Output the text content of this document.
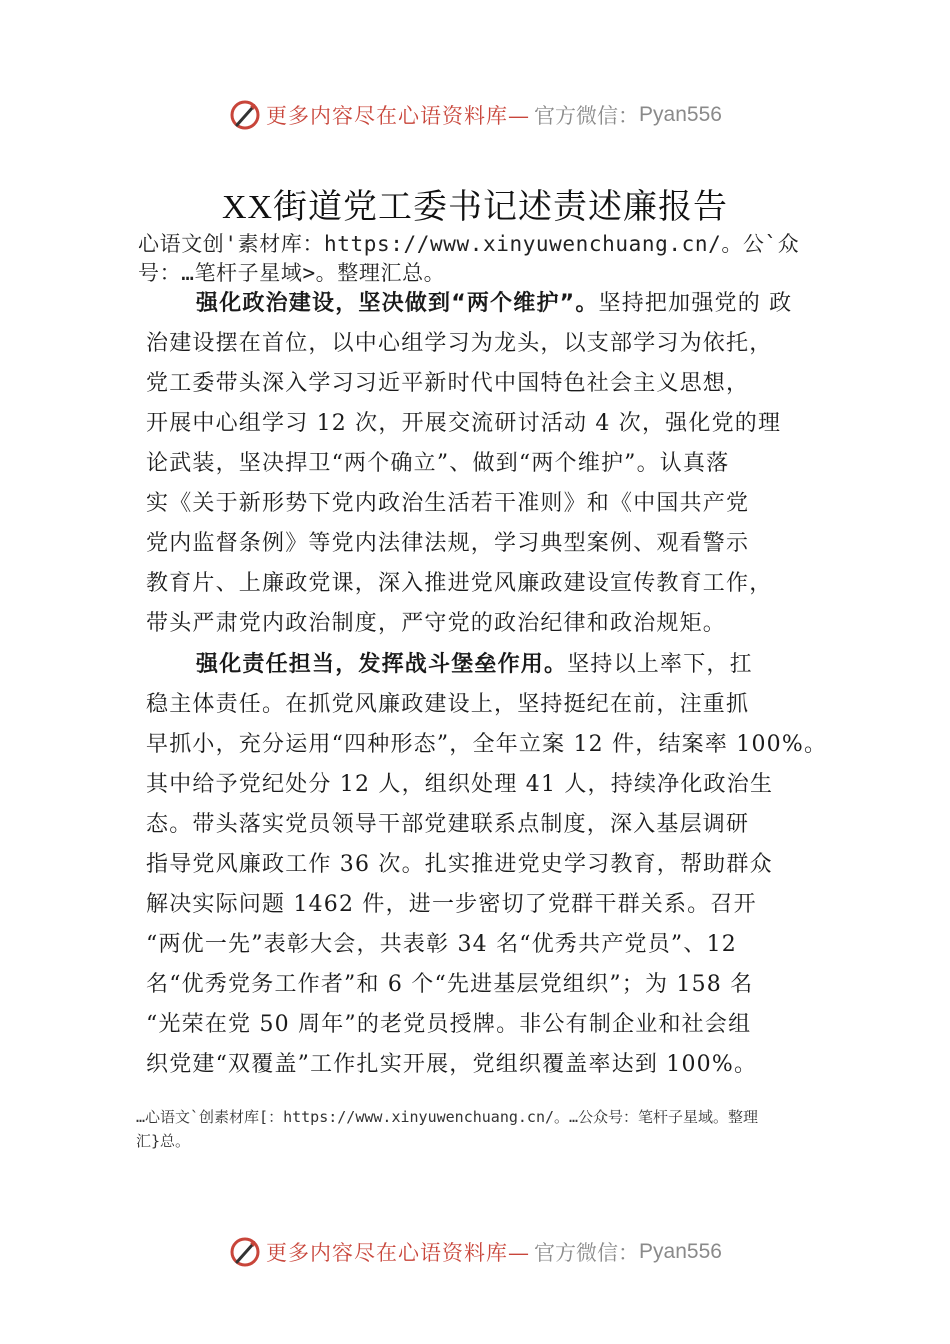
更多内容尽在心语资料库— 官方微信： Pyan556
XX街道党工委书记述责述廉报告
心语文创'素材库：https://www.xinyuwenchuang.cn/。公`众
号：…笔杆子星域>。整理汇总。
强化政治建设，坚决做到“两个维护”。坚持把加强党的 政
治建设摆在首位，以中心组学习为龙头，以支部学习为依托，
党工委带头深入学习习近平新时代中国特色社会主义思想，
开展中心组学习 12 次，开展交流研讨活动 4 次，强化党的理
论武装，坚决捍卫“两个确立”、做到“两个维护”。认真落
实《关于新形势下党内政治生活若干准则》和《中国共产党
党内监督条例》等党内法律法规，学习典型案例、观看警示
教育片、上廉政党课，深入推进党风廉政建设宣传教育工作，
带头严肃党内政治制度，严守党的政治纪律和政治规矩。
强化责任担当，发挥战斗堡垒作用。坚持以上率下，扛
稳主体责任。在抓党风廉政建设上，坚持挺纪在前，注重抓
早抓小，充分运用“四种形态”，全年立案 12 件，结案率 100%。
其中给予党纪处分 12 人，组织处理 41 人，持续净化政治生
态。带头落实党员领导干部党建联系点制度，深入基层调研
指导党风廉政工作 36 次。扎实推进党史学习教育，帮助群众
解决实际问题 1462 件，进一步密切了党群干群关系。召开
“两优一先”表彰大会，共表彰 34 名“优秀共产党员”、12
名“优秀党务工作者”和 6 个“先进基层党组织”；为 158 名
“光荣在党 50 周年”的老党员授牌。非公有制企业和社会组
织党建“双覆盖”工作扎实开展，党组织覆盖率达到 100%。
…心语文`创素材库[：https://www.xinyuwenchuang.cn/。…公众号：笔杆子星域。整理
汇}总。
更多内容尽在心语资料库— 官方微信： Pyan556
